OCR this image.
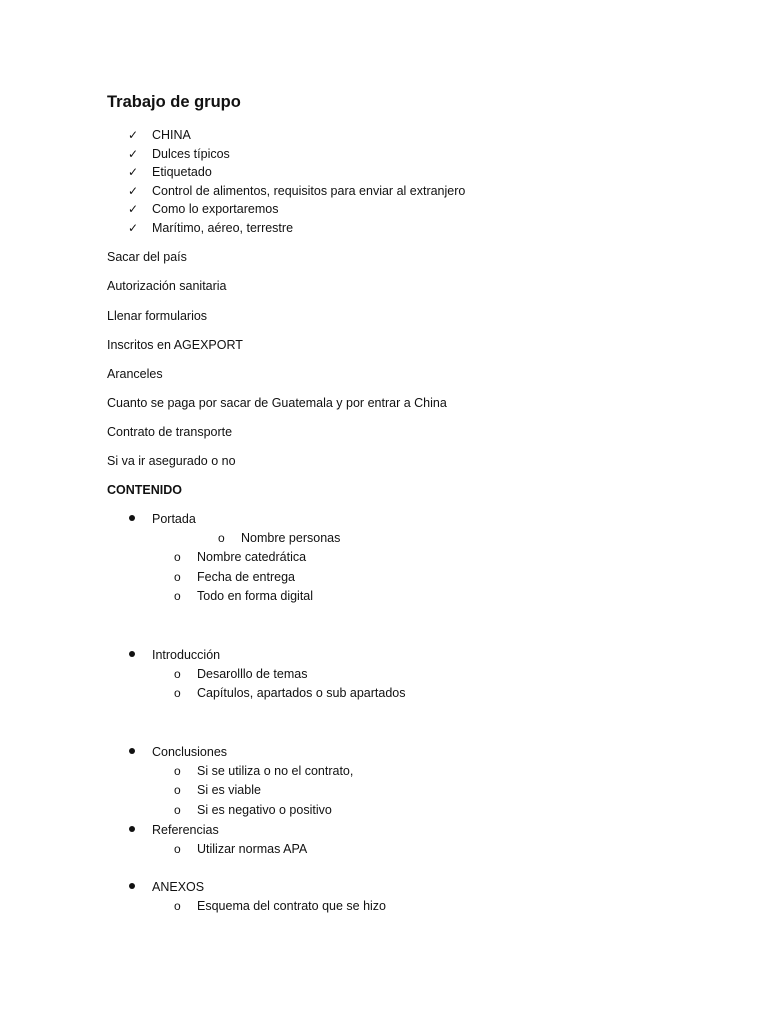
Trabajo de grupo
✓	CHINA
✓	Dulces típicos
✓	Etiquetado
✓	Control de alimentos, requisitos para enviar al extranjero
✓	Como lo exportaremos
✓	Marítimo, aéreo, terrestre

Sacar del país

Autorización sanitaria

Llenar formularios

Inscritos en AGEXPORT

Aranceles

Cuanto se paga por sacar de Guatemala y por entrar a China

Contrato de transporte

Si va ir asegurado o no

CONTENIDO

Portada
o Nombre personas
o Nombre catedrática
o Fecha de entrega
o Todo en forma digital
Introducción
o Desarolllo de temas
o Capítulos, apartados o sub apartados
Conclusiones
o Si se utiliza o no el contrato,
o Si es viable
o Si es negativo o positivo
Referencias
o Utilizar normas APA
ANEXOS
o Esquema del contrato que se hizo
